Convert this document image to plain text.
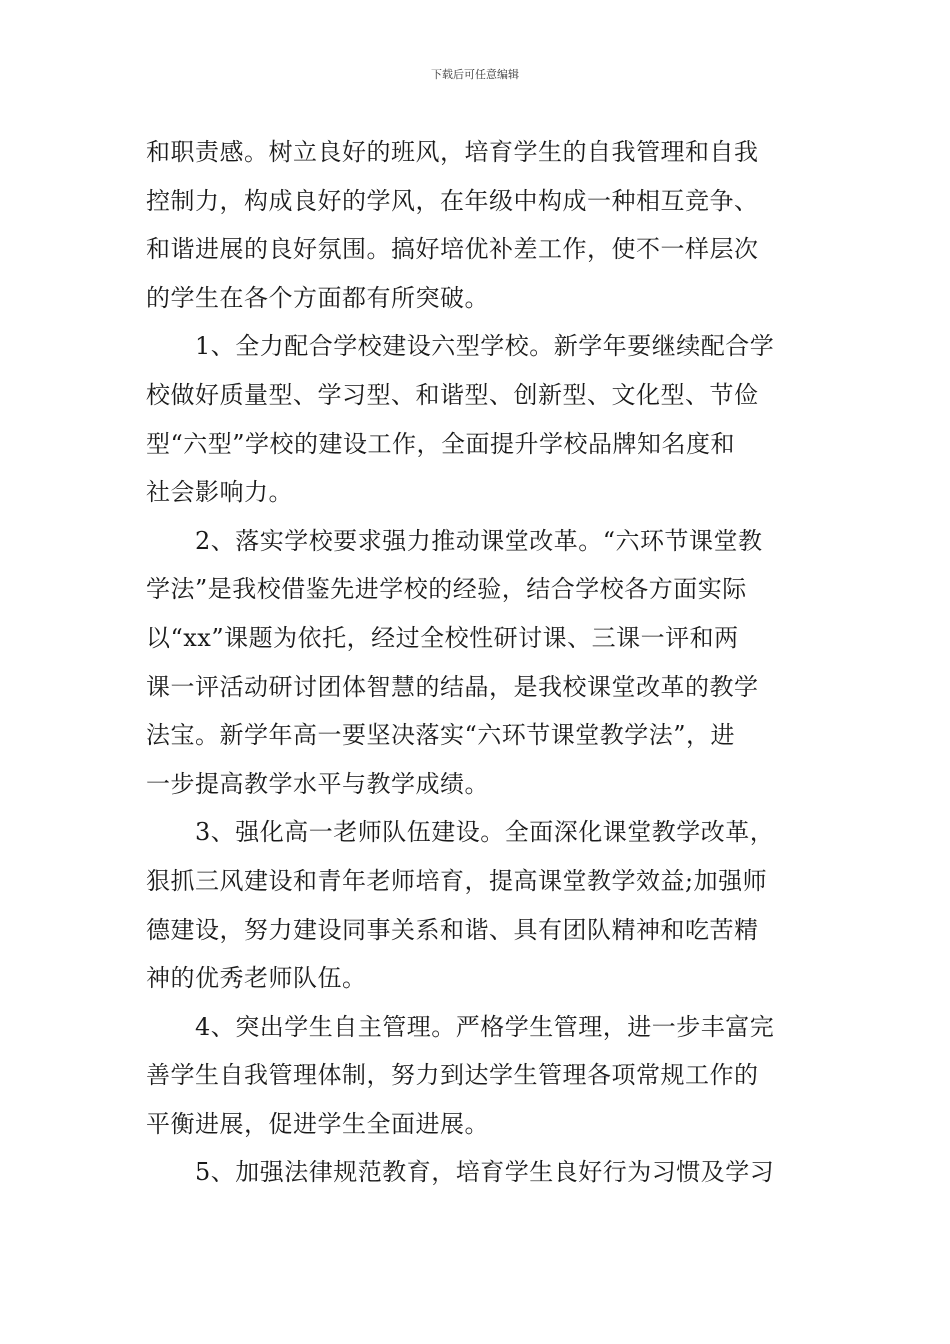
下载后可任意编辑
和职责感。树立良好的班风，培育学生的自我管理和自我
控制力，构成良好的学风，在年级中构成一种相互竞争、
和谐进展的良好氛围。搞好培优补差工作，使不一样层次
的学生在各个方面都有所突破。
　　1、全力配合学校建设六型学校。新学年要继续配合学
校做好质量型、学习型、和谐型、创新型、文化型、节俭
型“六型”学校的建设工作，全面提升学校品牌知名度和
社会影响力。
　　2、落实学校要求强力推动课堂改革。“六环节课堂教
学法”是我校借鉴先进学校的经验，结合学校各方面实际
以“xx”课题为依托，经过全校性研讨课、三课一评和两
课一评活动研讨团体智慧的结晶，是我校课堂改革的教学
法宝。新学年高一要坚决落实“六环节课堂教学法”，进
一步提高教学水平与教学成绩。
　　3、强化高一老师队伍建设。全面深化课堂教学改革，
狠抓三风建设和青年老师培育，提高课堂教学效益;加强师
德建设，努力建设同事关系和谐、具有团队精神和吃苦精
神的优秀老师队伍。
　　4、突出学生自主管理。严格学生管理，进一步丰富完
善学生自我管理体制，努力到达学生管理各项常规工作的
平衡进展，促进学生全面进展。
　　5、加强法律规范教育，培育学生良好行为习惯及学习
